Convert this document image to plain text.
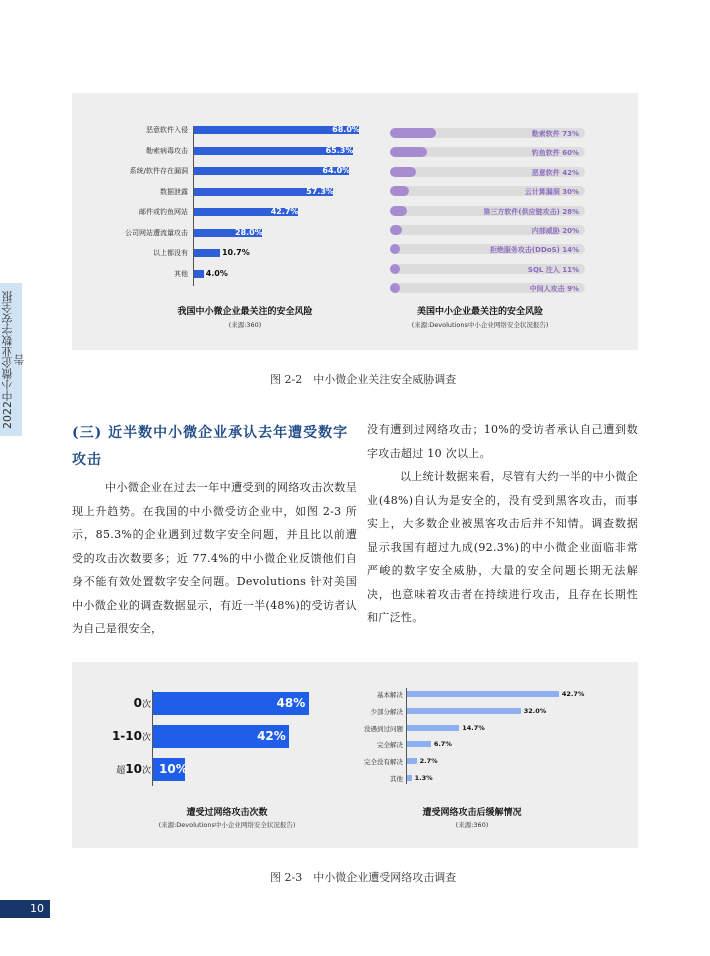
2022中小微企业数字安全报告
恶意软件入侵	68.0%
勒索病毒攻击	65.3%
系统/软件存在漏洞	64.0%
数据泄露	57.3%
邮件或钓鱼网站	42.7%
公司网站遭流量攻击	28.0%
以上都没有	10.7%
其他 4.0%
我国中小微企业最关注的安全风险
(来源:360)
勒索软件 73%
钓鱼软件 60%
恶意软件 42%
云计算漏洞 30%
第三方软件(供应链攻击) 28%
内部威胁 20%
拒绝服务攻击(DDoS) 14%
SQL 注入 11%
中间人攻击 9%
美国中小企业最关注的安全风险
(来源:Devolutions中小企业网络安全状况报告)
图 2-2　中小微企业关注安全威胁调查
(三) 近半数中小微企业承认去年遭受数字攻击
中小微企业在过去一年中遭受到的网络攻击次数呈现上升趋势。在我国的中小微受访企业中，如图 2-3 所示，85.3%的企业遇到过数字安全问题，并且比以前遭受的攻击次数要多；近 77.4%的中小微企业反馈他们自身不能有效处置数字安全问题。Devolutions 针对美国中小微企业的调查数据显示，有近一半(48%)的受访者认为自己是很安全，
没有遭到过网络攻击；10%的受访者承认自己遭到数字攻击超过 10 次以上。
以上统计数据来看，尽管有大约一半的中小微企业(48%)自认为是安全的，没有受到黑客攻击，而事实上，大多数企业被黑客攻击后并不知情。调查数据显示我国有超过九成(92.3%)的中小微企业面临非常严峻的数字安全威胁，大量的安全问题长期无法解决，也意味着攻击者在持续进行攻击，且存在长期性和广泛性。
0次	48%
1-10次	42%
超10次 10%
遭受过网络攻击次数
(来源:Devolutions中小企业网络安全状况报告)
基本解决	42.7%
少部分解决	32.0%
没遇到过问题	14.7%
完全解决	6.7%
完全没有解决	2.7%
其他 1.3%
遭受网络攻击后缓解情况
(来源:360)
图 2-3　中小微企业遭受网络攻击调查
10
